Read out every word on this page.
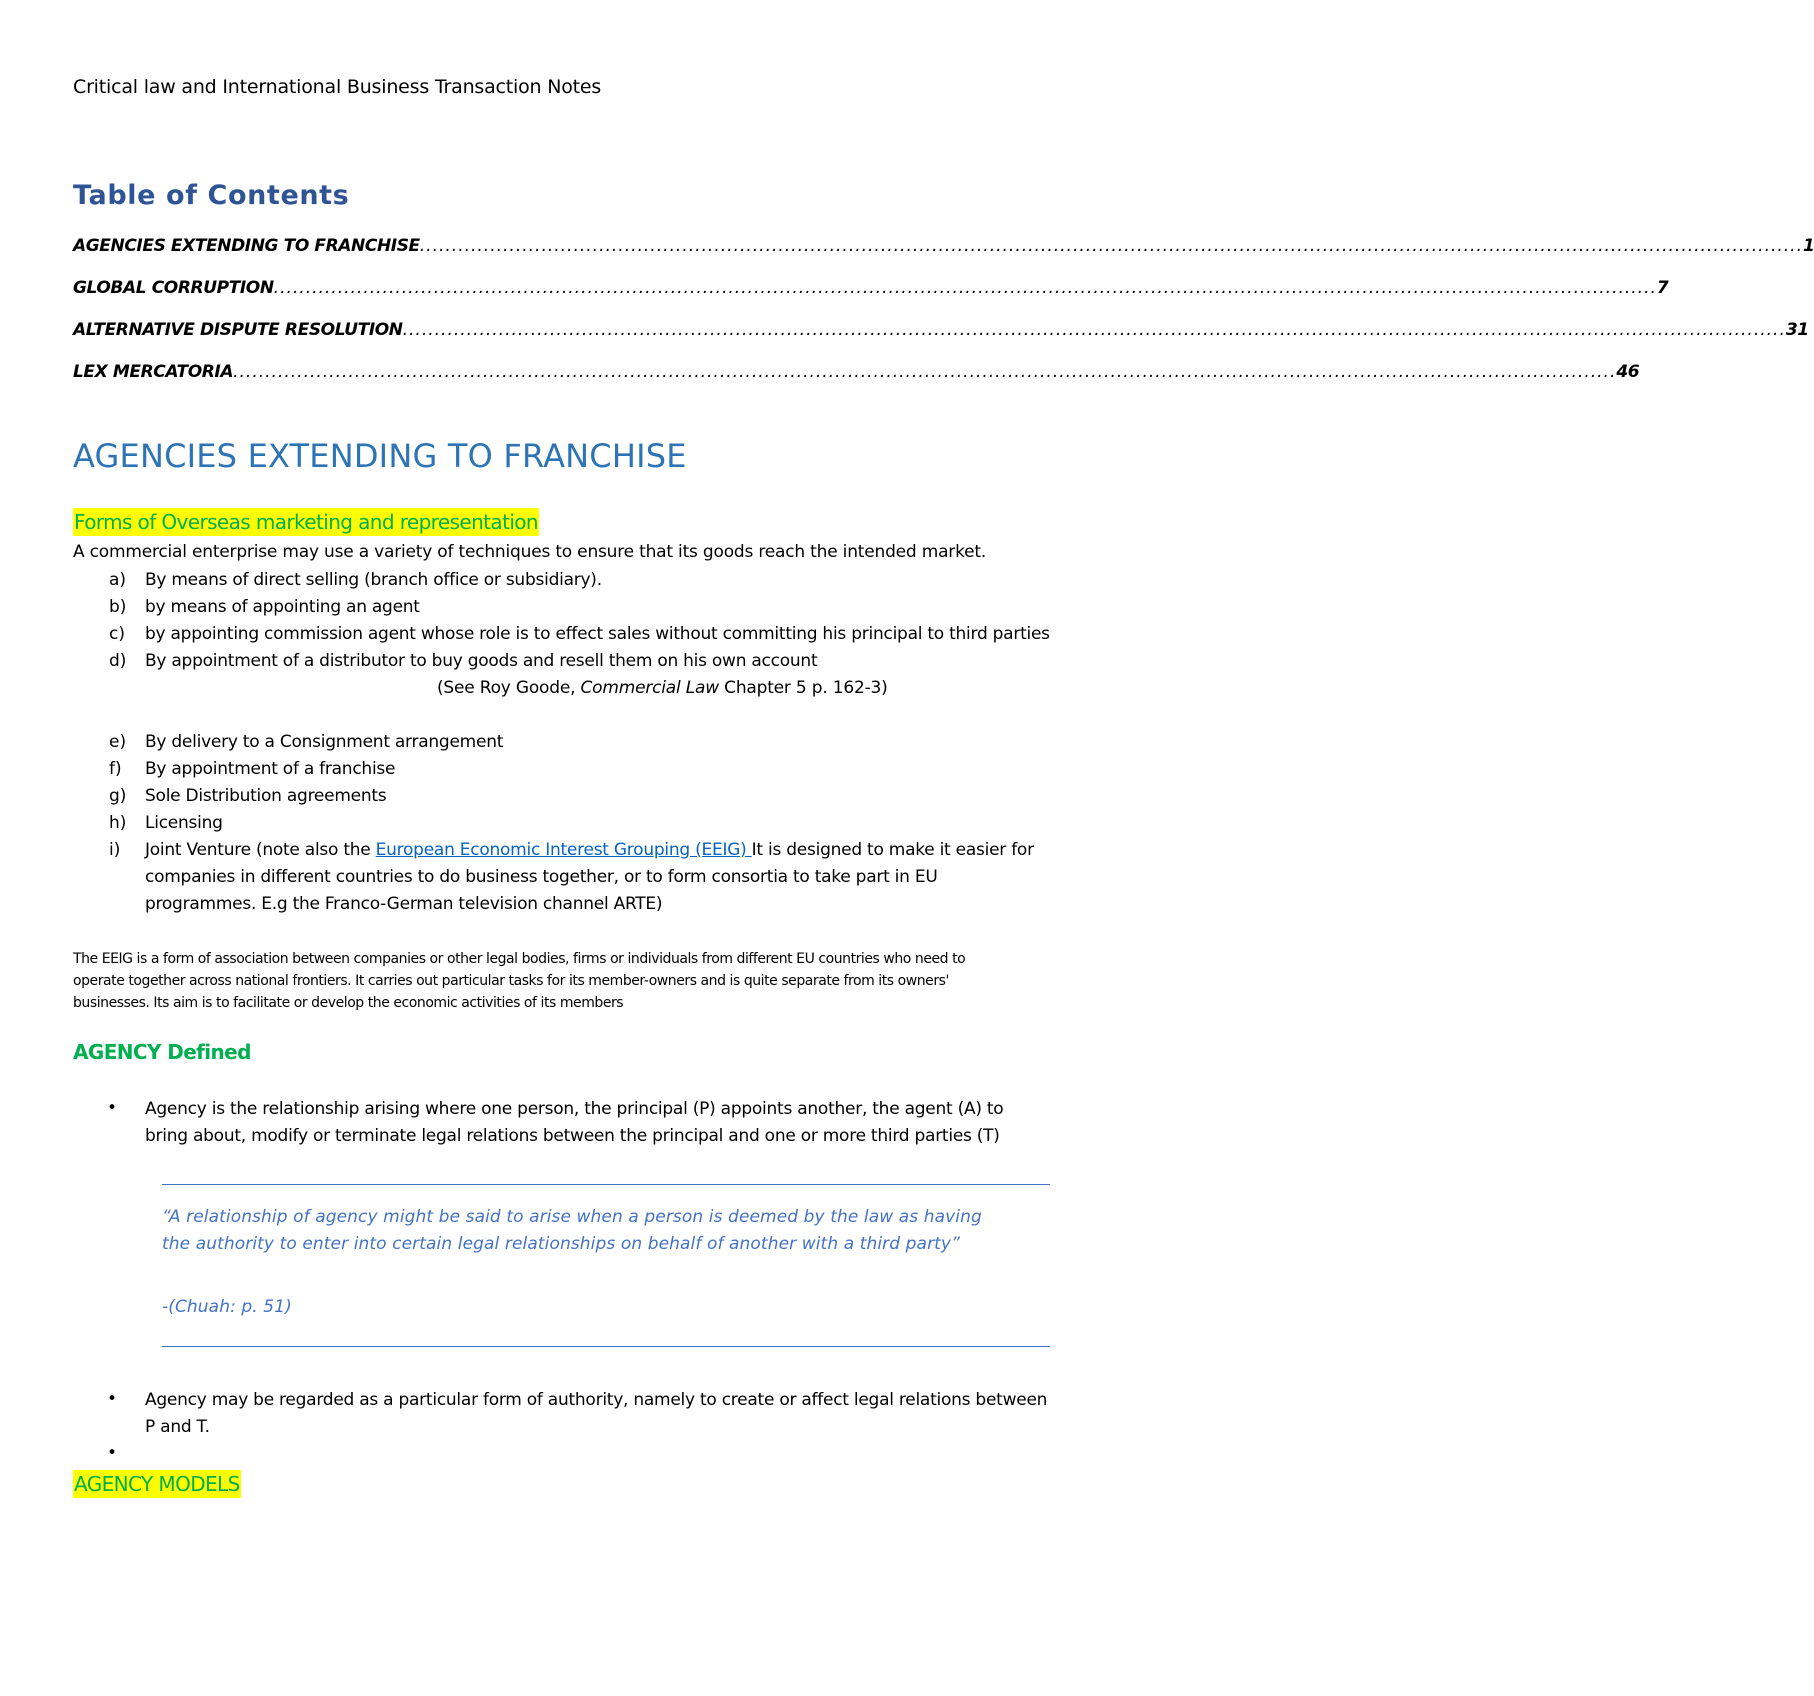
Critical law and International Business Transaction Notes
Table of Contents
AGENCIES EXTENDING TO FRANCHISE ........................................................................................................................................................................................................................ 1
GLOBAL CORRUPTION ........................................................................................................................................................................................................................ 7
ALTERNATIVE DISPUTE RESOLUTION ........................................................................................................................................................................................................................ 31
LEX MERCATORIA ........................................................................................................................................................................................................................ 46
AGENCIES EXTENDING TO FRANCHISE
Forms of Overseas marketing and representation
A commercial enterprise may use a variety of techniques to ensure that its goods reach the intended market.
a) By means of direct selling (branch office or subsidiary).
b) by means of appointing an agent
c) by appointing commission agent whose role is to effect sales without committing his principal to third parties
d) By appointment of a distributor to buy goods and resell them on his own account
(See Roy Goode, Commercial Law Chapter 5 p. 162-3)
e) By delivery to a Consignment arrangement
f) By appointment of a franchise
g) Sole Distribution agreements
h) Licensing
i) Joint Venture (note also the European Economic Interest Grouping (EEIG) It is designed to make it easier for
companies in different countries to do business together, or to form consortia to take part in EU
programmes. E.g the Franco-German television channel ARTE)
The EEIG is a form of association between companies or other legal bodies, firms or individuals from different EU countries who need to
operate together across national frontiers. It carries out particular tasks for its member-owners and is quite separate from its owners'
businesses. Its aim is to facilitate or develop the economic activities of its members
AGENCY Defined
• Agency is the relationship arising where one person, the principal (P) appoints another, the agent (A) to
bring about, modify or terminate legal relations between the principal and one or more third parties (T)
“A relationship of agency might be said to arise when a person is deemed by the law as having
the authority to enter into certain legal relationships on behalf of another with a third party”
-(Chuah: p. 51)
• Agency may be regarded as a particular form of authority, namely to create or affect legal relations between
P and T.
•
AGENCY MODELS
